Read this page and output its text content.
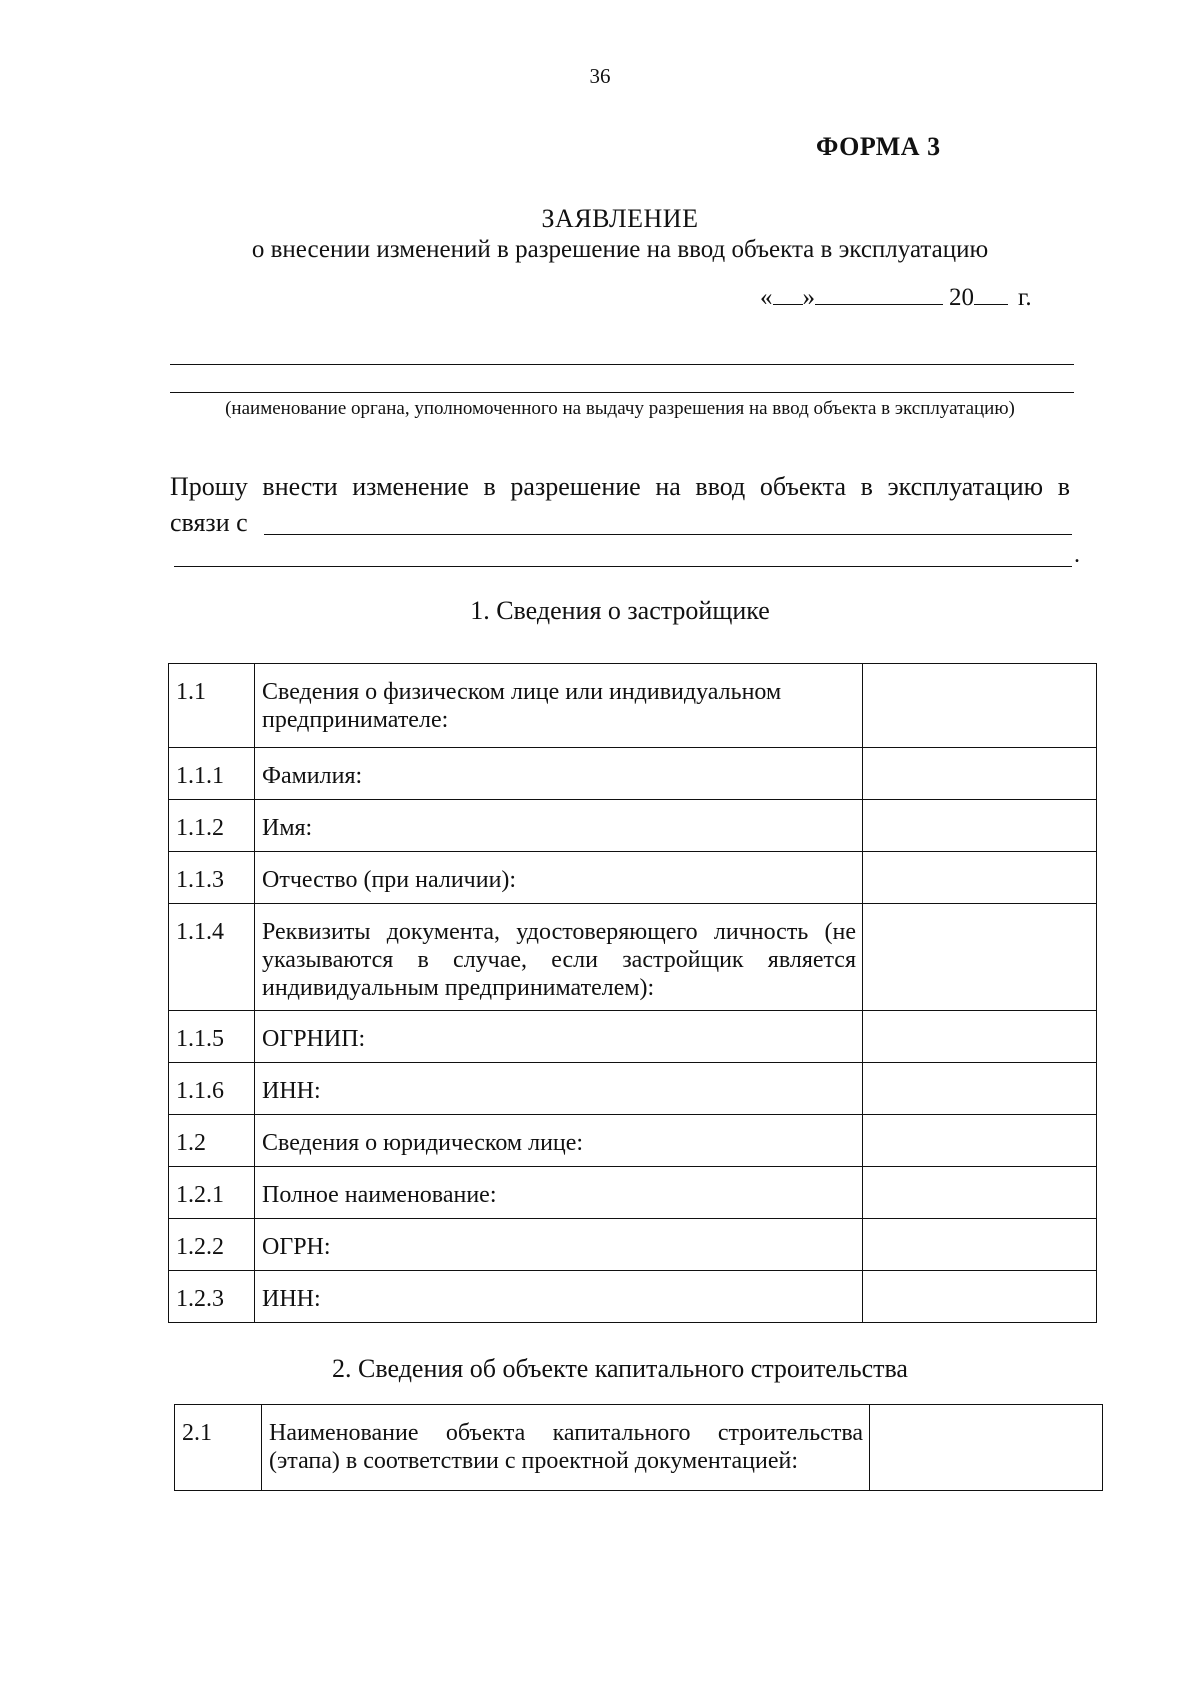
36
ФОРМА 3
ЗАЯВЛЕНИЕ
о внесении изменений в разрешение на ввод объекта в эксплуатацию
« »	20 г.
(наименование органа, уполномоченного на выдачу разрешения на ввод объекта в эксплуатацию)
Прошу внести изменение в разрешение на ввод объекта в эксплуатацию в
связи с
.
1. Сведения о застройщике
1.1	Сведения о физическом лице или индивидуальном предпринимателе:	
1.1.1	Фамилия:	
1.1.2	Имя:	
1.1.3	Отчество (при наличии):	
1.1.4	Реквизиты документа, удостоверяющего личность (не указываются в случае, если застройщик является индивидуальным предпринимателем):	
1.1.5	ОГРНИП:	
1.1.6	ИНН:	
1.2	Сведения о юридическом лице:	
1.2.1	Полное наименование:	
1.2.2	ОГРН:	
1.2.3	ИНН:	
2. Сведения об объекте капитального строительства
2.1	Наименование объекта капитального строительства (этапа) в соответствии с проектной документацией:	
